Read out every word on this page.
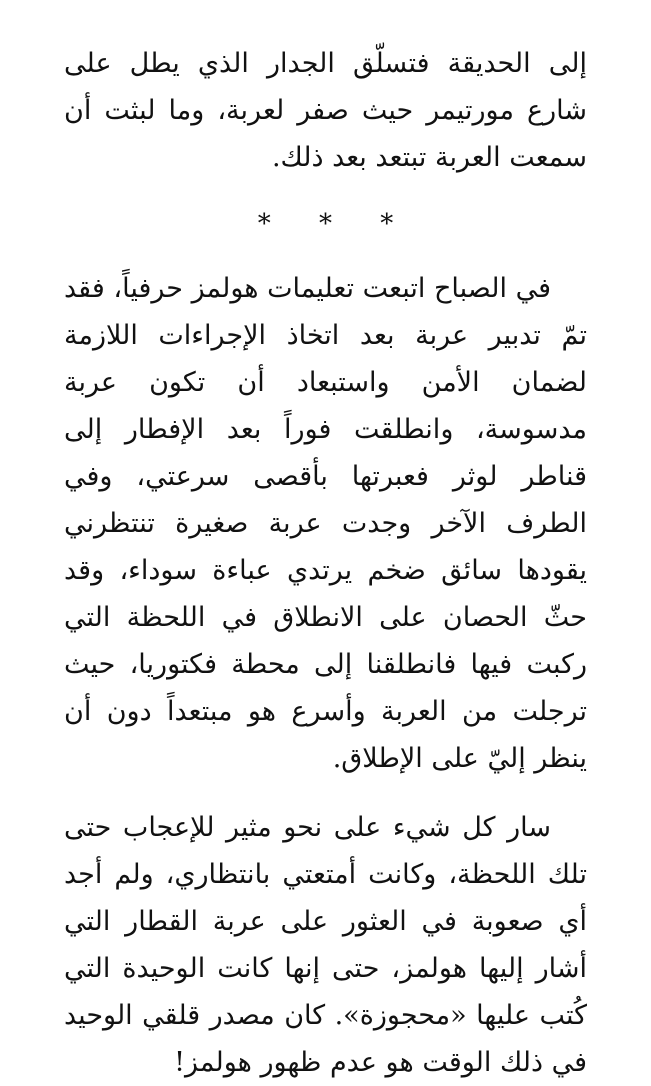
إلى الحديقة فتسلّق الجدار الذي يطل على شارع مورتيمر حيث صفر لعربة، وما لبثت أن سمعت العربة تبتعد بعد ذلك.

* * *

في الصباح اتبعت تعليمات هولمز حرفياً، فقد تمّ تدبير عربة بعد اتخاذ الإجراءات اللازمة لضمان الأمن واستبعاد أن تكون عربة مدسوسة، وانطلقت فوراً بعد الإفطار إلى قناطر لوثر فعبرتها بأقصى سرعتي، وفي الطرف الآخر وجدت عربة صغيرة تنتظرني يقودها سائق ضخم يرتدي عباءة سوداء، وقد حثّ الحصان على الانطلاق في اللحظة التي ركبت فيها فانطلقنا إلى محطة فكتوريا، حيث ترجلت من العربة وأسرع هو مبتعداً دون أن ينظر إليّ على الإطلاق.

سار كل شيء على نحو مثير للإعجاب حتى تلك اللحظة، وكانت أمتعتي بانتظاري، ولم أجد أي صعوبة في العثور على عربة القطار التي أشار إليها هولمز، حتى إنها كانت الوحيدة التي كُتب عليها «محجوزة». كان مصدر قلقي الوحيد في ذلك الوقت هو عدم ظهور هولمز!
